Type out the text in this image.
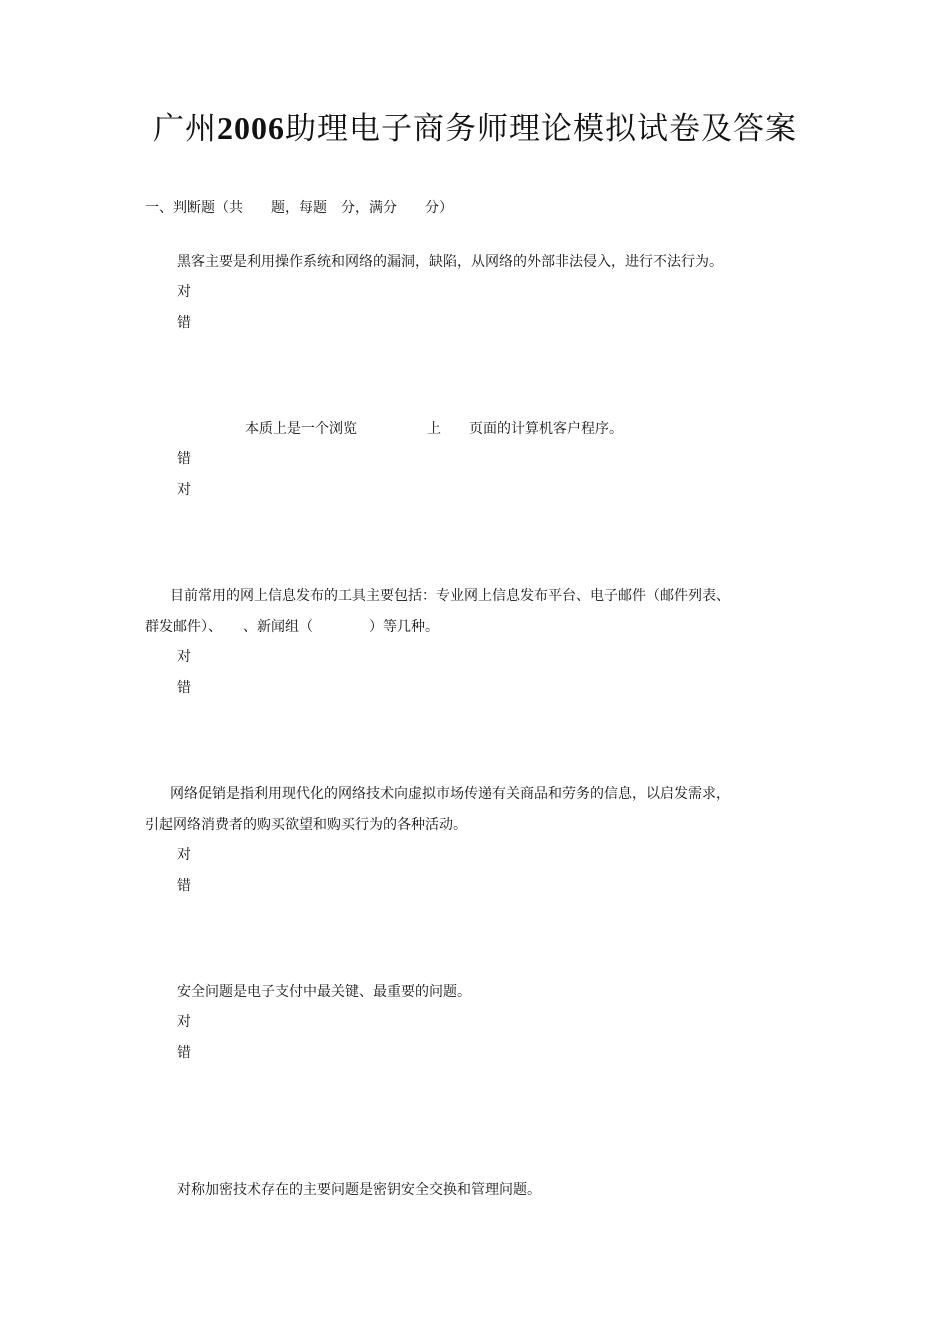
广州2006助理电子商务师理论模拟试卷及答案
一、判断题（共　　题，每题　分，满分　　分）
黑客主要是利用操作系统和网络的漏洞，缺陷，从网络的外部非法侵入，进行不法行为。
对
错
本质上是一个浏览　　　　　上　　页面的计算机客户程序。
错
对
目前常用的网上信息发布的工具主要包括：专业网上信息发布平台、电子邮件（邮件列表、
群发邮件）、　　、新闻组（　　　　）等几种。
对
错
网络促销是指利用现代化的网络技术向虚拟市场传递有关商品和劳务的信息，以启发需求，
引起网络消费者的购买欲望和购买行为的各种活动。
对
错
安全问题是电子支付中最关键、最重要的问题。
对
错
对称加密技术存在的主要问题是密钥安全交换和管理问题。
